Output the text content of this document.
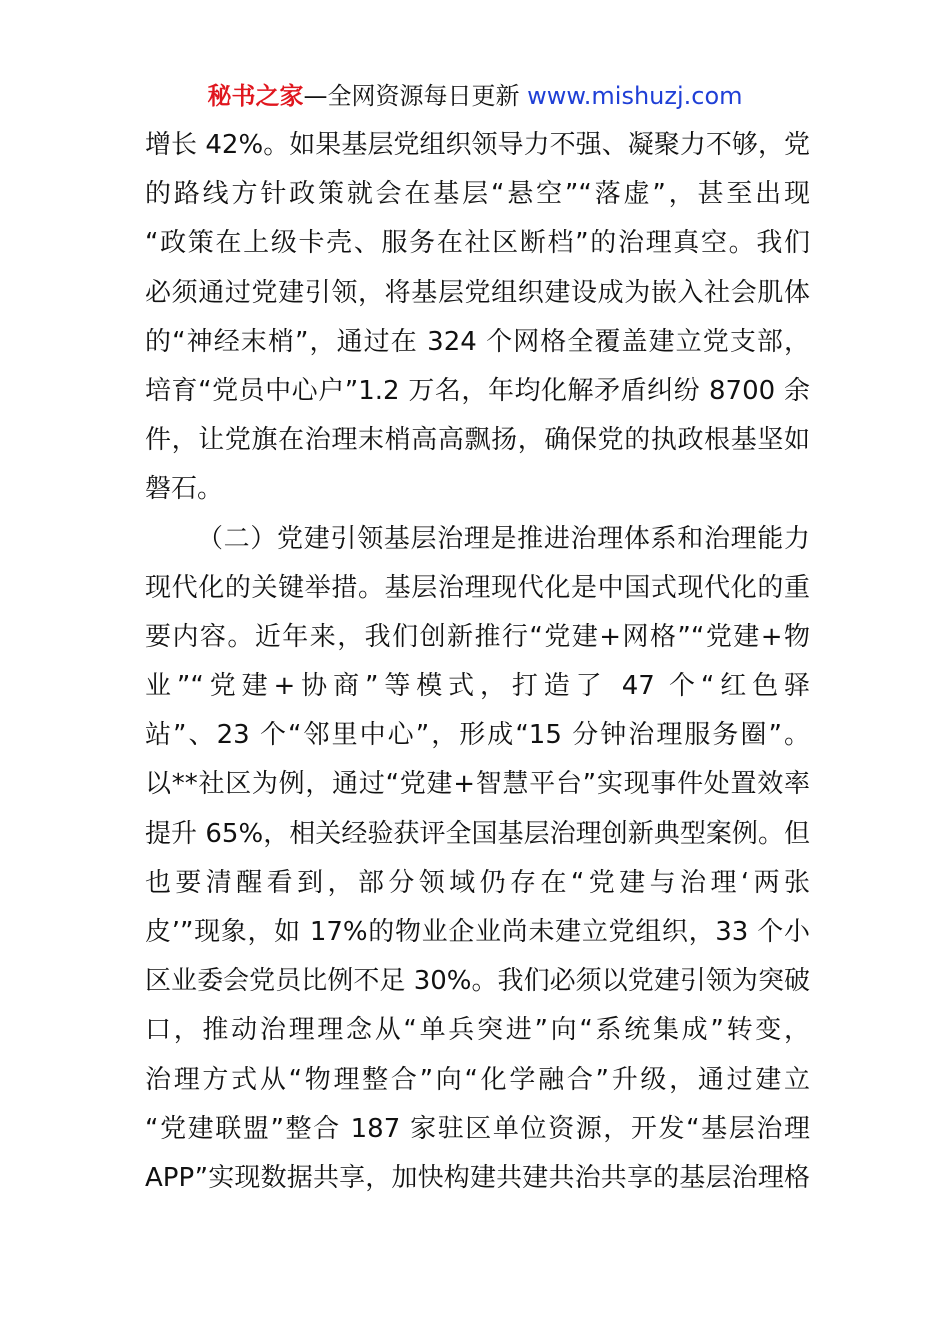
秘书之家—全网资源每日更新 www.mishuzj.com
增长 42%。如果基层党组织领导力不强、凝聚力不够，党
的路线方针政策就会在基层“悬空”“落虚”，甚至出现
“政策在上级卡壳、服务在社区断档”的治理真空。我们
必须通过党建引领，将基层党组织建设成为嵌入社会肌体
的“神经末梢”，通过在 324 个网格全覆盖建立党支部，
培育“党员中心户”1.2 万名，年均化解矛盾纠纷 8700 余
件，让党旗在治理末梢高高飘扬，确保党的执政根基坚如
磐石。
（二）党建引领基层治理是推进治理体系和治理能力
现代化的关键举措。基层治理现代化是中国式现代化的重
要内容。近年来，我们创新推行“党建+网格”“党建+物
业”“党建+协商”等模式，打造了 47 个“红色驿
站”、23 个“邻里中心”，形成“15 分钟治理服务圈”。
以**社区为例，通过“党建+智慧平台”实现事件处置效率
提升 65%，相关经验获评全国基层治理创新典型案例。但
也要清醒看到，部分领域仍存在“党建与治理‘两张
皮’”现象，如 17%的物业企业尚未建立党组织，33 个小
区业委会党员比例不足 30%。我们必须以党建引领为突破
口，推动治理理念从“单兵突进”向“系统集成”转变，
治理方式从“物理整合”向“化学融合”升级，通过建立
“党建联盟”整合 187 家驻区单位资源，开发“基层治理
APP”实现数据共享，加快构建共建共治共享的基层治理格
